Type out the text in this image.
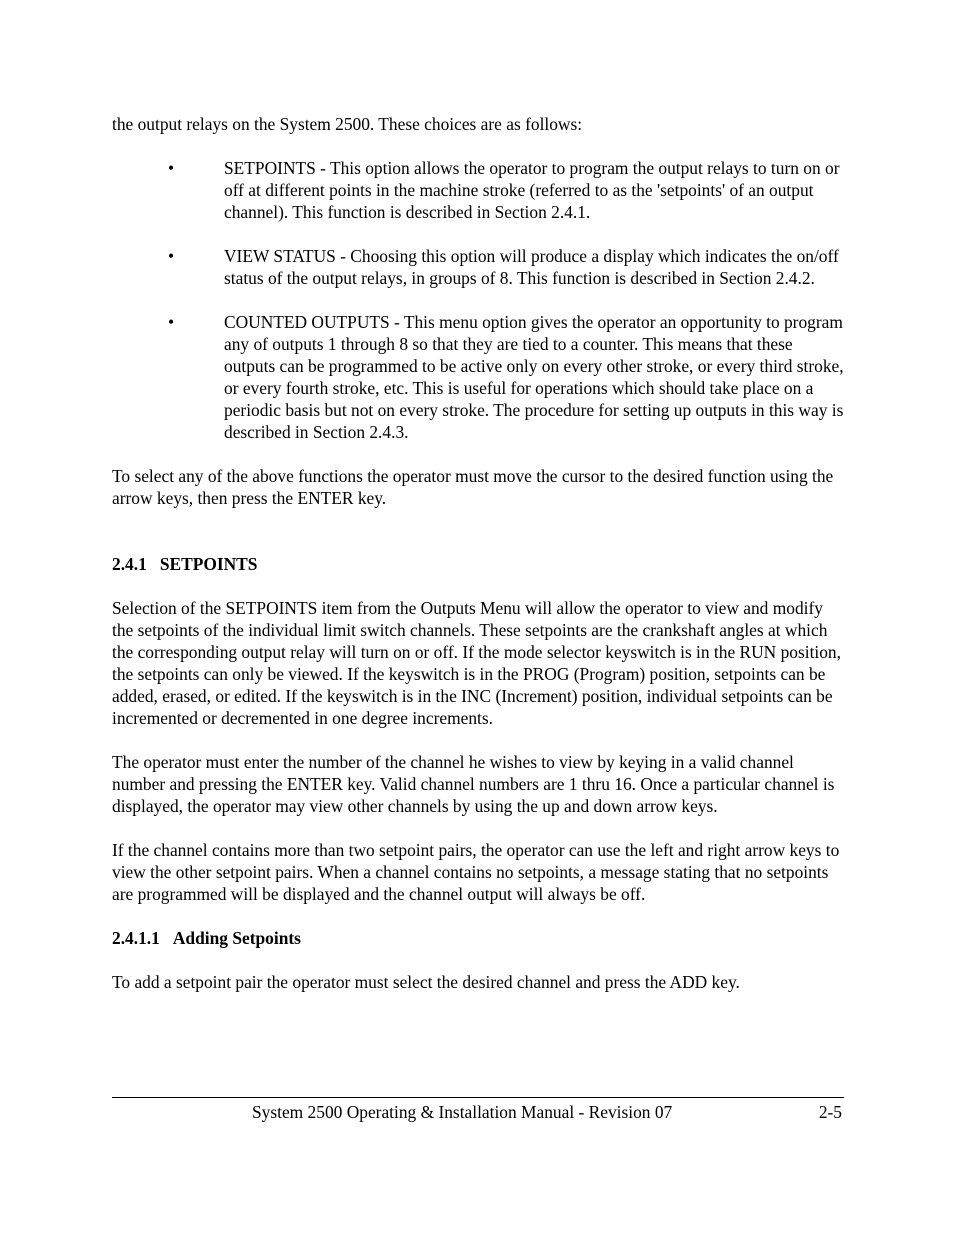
the output relays on the System 2500. These choices are as follows:

•	SETPOINTS - This option allows the operator to program the output relays to turn on or off at different points in the machine stroke (referred to as the 'setpoints' of an output channel). This function is described in Section 2.4.1.
•	VIEW STATUS - Choosing this option will produce a display which indicates the on/off status of the output relays, in groups of 8. This function is described in Section 2.4.2.
•	COUNTED OUTPUTS - This menu option gives the operator an opportunity to program any of outputs 1 through 8 so that they are tied to a counter. This means that these outputs can be programmed to be active only on every other stroke, or every third stroke, or every fourth stroke, etc. This is useful for operations which should take place on a periodic basis but not on every stroke. The procedure for setting up outputs in this way is described in Section 2.4.3.

To select any of the above functions the operator must move the cursor to the desired function using the arrow keys, then press the ENTER key.

2.4.1 SETPOINTS

Selection of the SETPOINTS item from the Outputs Menu will allow the operator to view and modify the setpoints of the individual limit switch channels. These setpoints are the crankshaft angles at which the corresponding output relay will turn on or off. If the mode selector keyswitch is in the RUN position, the setpoints can only be viewed. If the keyswitch is in the PROG (Program) position, setpoints can be added, erased, or edited. If the keyswitch is in the INC (Increment) position, individual setpoints can be incremented or decremented in one degree increments.

The operator must enter the number of the channel he wishes to view by keying in a valid channel number and pressing the ENTER key. Valid channel numbers are 1 thru 16. Once a particular channel is displayed, the operator may view other channels by using the up and down arrow keys.

If the channel contains more than two setpoint pairs, the operator can use the left and right arrow keys to view the other setpoint pairs. When a channel contains no setpoints, a message stating that no setpoints are programmed will be displayed and the channel output will always be off.

2.4.1.1 Adding Setpoints

To add a setpoint pair the operator must select the desired channel and press the ADD key.

System 2500 Operating & Installation Manual - Revision 07	2-5
